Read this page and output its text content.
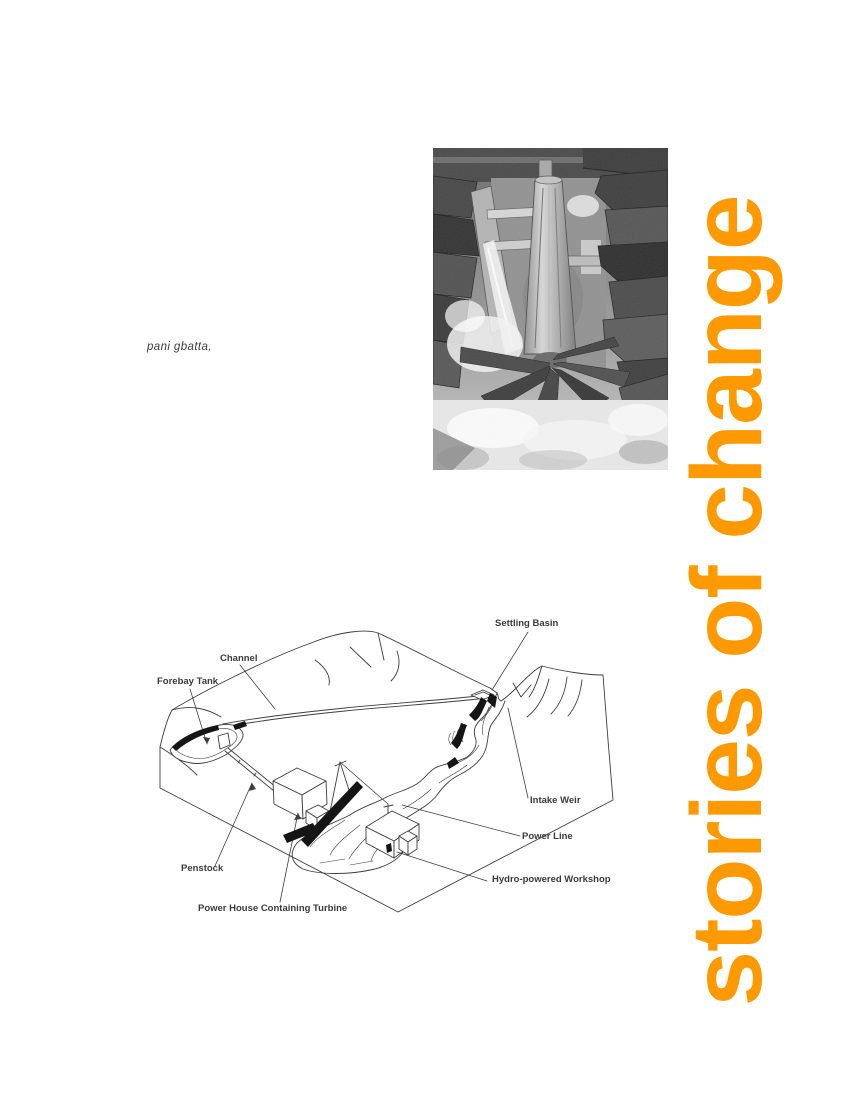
pani gbatta,	stories of change
Settling Basin
Channel
Forebay Tank
Intake Weir
Power Line
Penstock
Power House Containing Turbine
Hydro-powered Workshop
